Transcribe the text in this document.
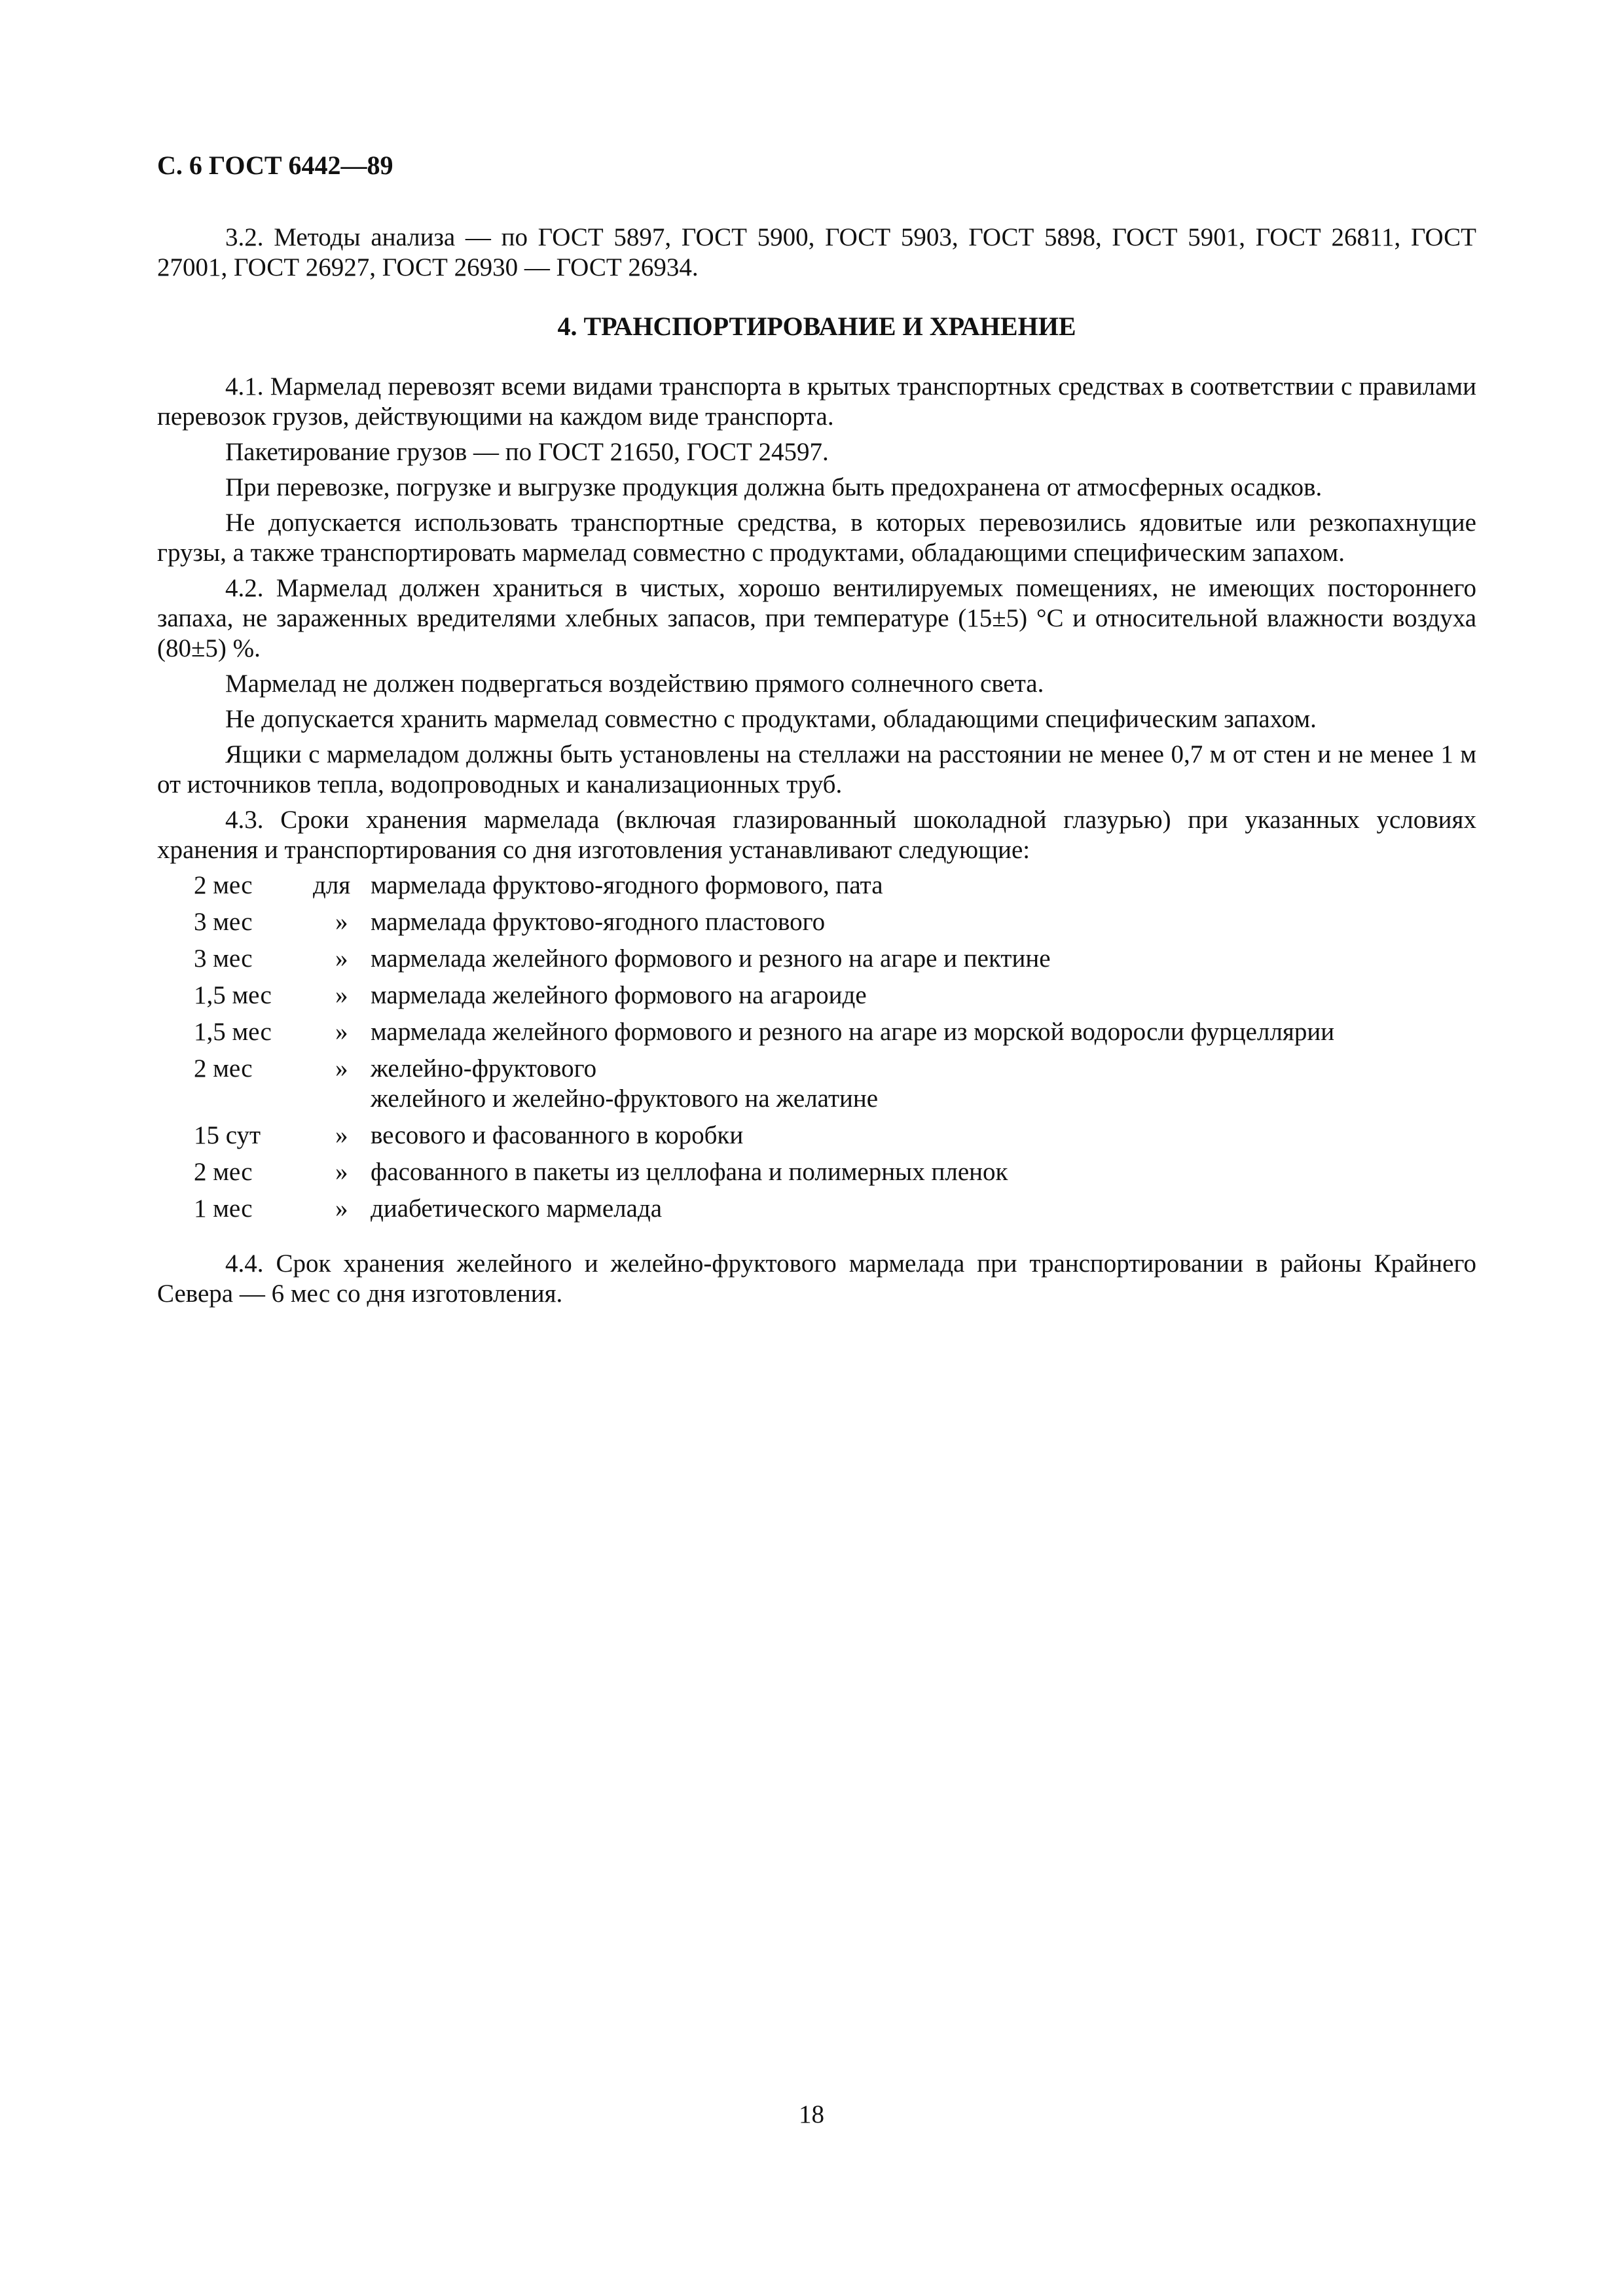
С. 6 ГОСТ 6442—89

3.2. Методы анализа — по ГОСТ 5897, ГОСТ 5900, ГОСТ 5903, ГОСТ 5898, ГОСТ 5901, ГОСТ 26811, ГОСТ 27001, ГОСТ 26927, ГОСТ 26930 — ГОСТ 26934.

4. ТРАНСПОРТИРОВАНИЕ И ХРАНЕНИЕ

4.1. Мармелад перевозят всеми видами транспорта в крытых транспортных средствах в соответствии с правилами перевозок грузов, действующими на каждом виде транспорта.

Пакетирование грузов — по ГОСТ 21650, ГОСТ 24597.

При перевозке, погрузке и выгрузке продукция должна быть предохранена от атмосферных осадков.

Не допускается использовать транспортные средства, в которых перевозились ядовитые или резкопахнущие грузы, а также транспортировать мармелад совместно с продуктами, обладающими специфическим запахом.

4.2. Мармелад должен храниться в чистых, хорошо вентилируемых помещениях, не имеющих постороннего запаха, не зараженных вредителями хлебных запасов, при температуре (15±5) °С и относительной влажности воздуха (80±5) %.

Мармелад не должен подвергаться воздействию прямого солнечного света.

Не допускается хранить мармелад совместно с продуктами, обладающими специфическим запахом.

Ящики с мармеладом должны быть установлены на стеллажи на расстоянии не менее 0,7 м от стен и не менее 1 м от источников тепла, водопроводных и канализационных труб.

4.3. Сроки хранения мармелада (включая глазированный шоколадной глазурью) при указанных условиях хранения и транспортирования со дня изготовления устанавливают следующие:

2 мес	для мармелада фруктово-ягодного формового, пата
3 мес	» мармелада фруктово-ягодного пластового
3 мес	» мармелада желейного формового и резного на агаре и пектине
1,5 мес	» мармелада желейного формового на агароиде
1,5 мес	» мармелада желейного формового и резного на агаре из морской водоросли фурцеллярии
2 мес	» желейно-фруктового
желейного и желейно-фруктового на желатине
15 сут	» весового и фасованного в коробки
2 мес	» фасованного в пакеты из целлофана и полимерных пленок
1 мес	» диабетического мармелада

4.4. Срок хранения желейного и желейно-фруктового мармелада при транспортировании в районы Крайнего Севера — 6 мес со дня изготовления.

18
